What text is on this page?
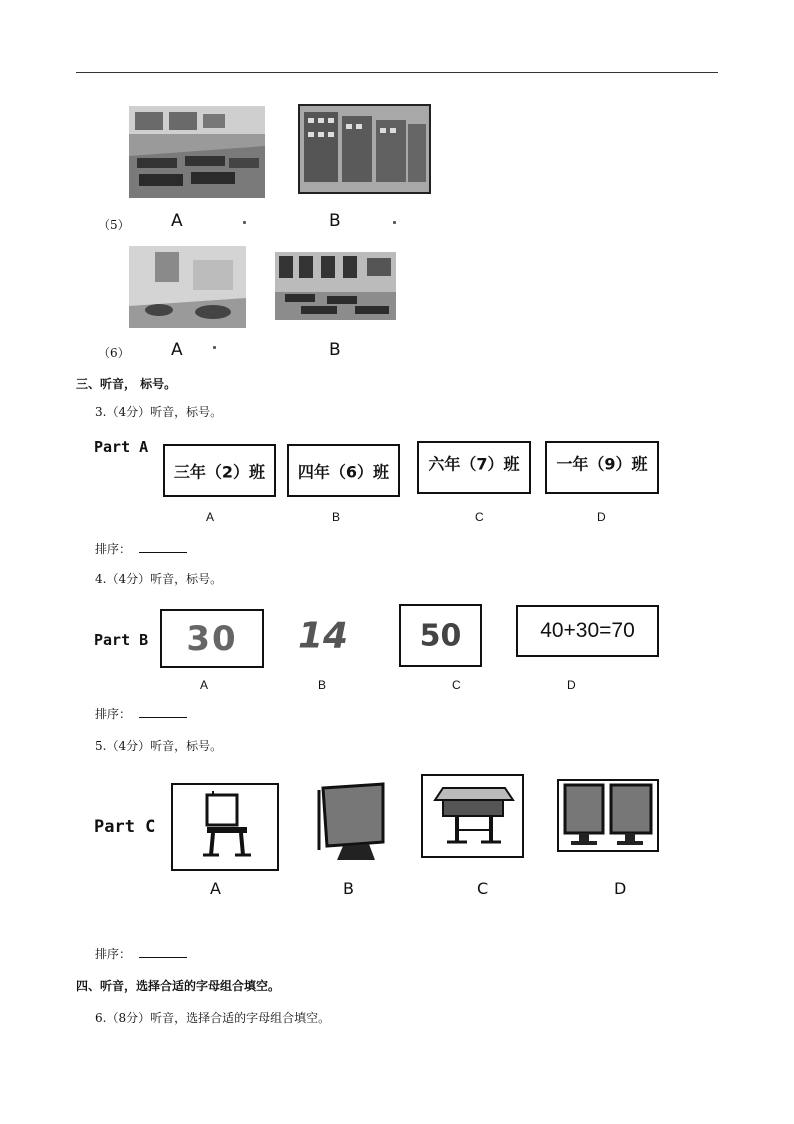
（5） A	B
（6） A	B
三、听音， 标号。
3.（4分）听音，标号。
Part A
三年（2）班	四年（6）班	六年（7）班	一年（9）班
A	B	C	D
排序：
4.（4分）听音，标号。
Part B	30	14	50	40+30=70
A	B	C	D
排序：
5.（4分）听音，标号。
Part C
A	B	C	D
排序：
四、听音，选择合适的字母组合填空。
6.（8分）听音，选择合适的字母组合填空。
